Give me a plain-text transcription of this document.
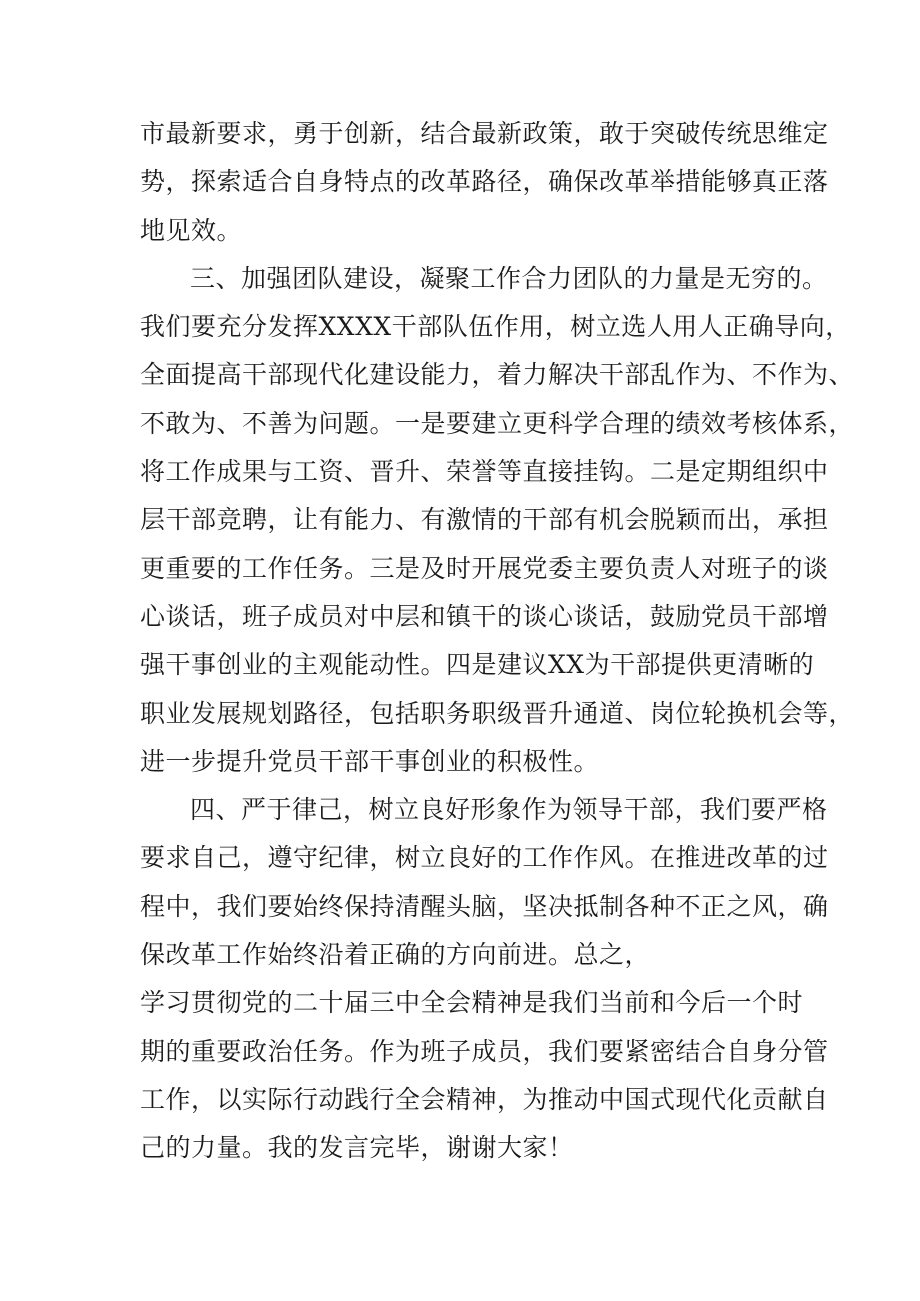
市最新要求，勇于创新，结合最新政策，敢于突破传统思维定
势，探索适合自身特点的改革路径，确保改革举措能够真正落
地见效。
三、加强团队建设，凝聚工作合力团队的力量是无穷的。
我们要充分发挥XXXX干部队伍作用，树立选人用人正确导向，
全面提高干部现代化建设能力，着力解决干部乱作为、不作为、
不敢为、不善为问题。一是要建立更科学合理的绩效考核体系，
将工作成果与工资、晋升、荣誉等直接挂钩。二是定期组织中
层干部竞聘，让有能力、有激情的干部有机会脱颖而出，承担
更重要的工作任务。三是及时开展党委主要负责人对班子的谈
心谈话，班子成员对中层和镇干的谈心谈话，鼓励党员干部增
强干事创业的主观能动性。四是建议XX为干部提供更清晰的
职业发展规划路径，包括职务职级晋升通道、岗位轮换机会等，
进一步提升党员干部干事创业的积极性。
四、严于律己，树立良好形象作为领导干部，我们要严格
要求自己，遵守纪律，树立良好的工作作风。在推进改革的过
程中，我们要始终保持清醒头脑，坚决抵制各种不正之风，确
保改革工作始终沿着正确的方向前进。总之，
学习贯彻党的二十届三中全会精神是我们当前和今后一个时
期的重要政治任务。作为班子成员，我们要紧密结合自身分管
工作，以实际行动践行全会精神，为推动中国式现代化贡献自
己的力量。我的发言完毕，谢谢大家！
